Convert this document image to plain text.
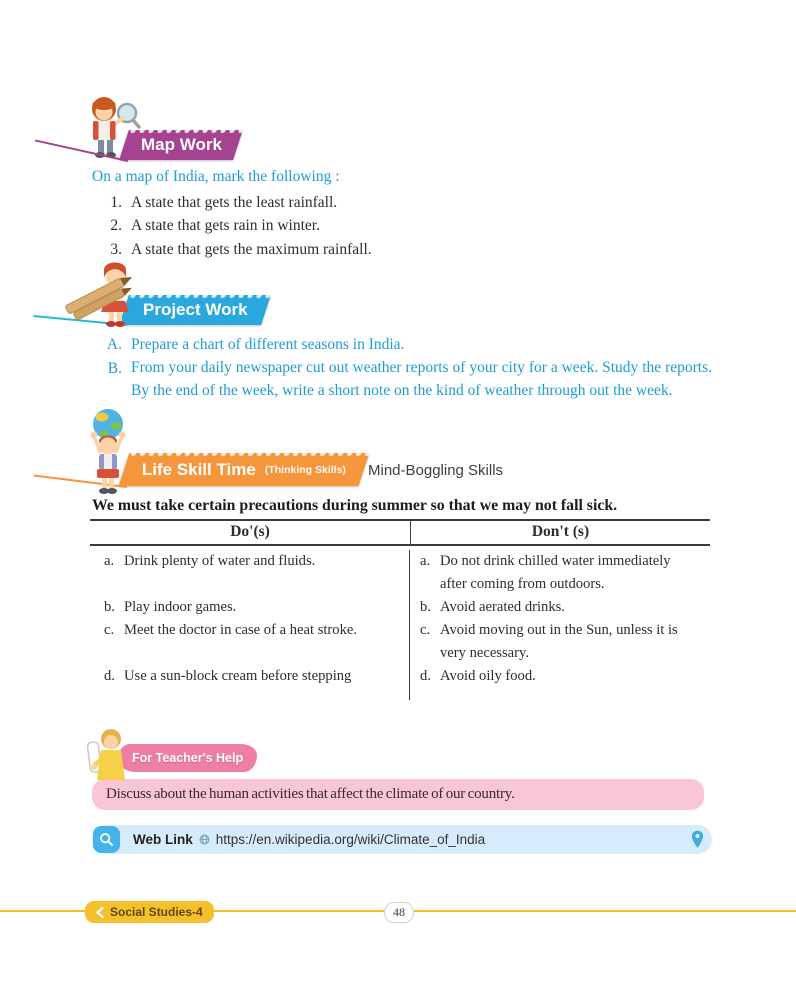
Map Work
On a map of India, mark the following :
1. A state that gets the least rainfall.
2. A state that gets rain in winter.
3. A state that gets the maximum rainfall.
Project Work
A. Prepare a chart of different seasons in India.
B. From your daily newspaper cut out weather reports of your city for a week. Study the reports. By the end of the week, write a short note on the kind of weather through out the week.
Life Skill Time (Thinking Skills) Mind-Boggling Skills
We must take certain precautions during summer so that we may not fall sick.
Do'(s)	Don't (s)
a. Drink plenty of water and fluids.	a. Do not drink chilled water immediately after coming from outdoors.
b. Play indoor games.	b. Avoid aerated drinks.
c. Meet the doctor in case of a heat stroke.	c. Avoid moving out in the Sun, unless it is very necessary.
d. Use a sun-block cream before stepping	d. Avoid oily food.
For Teacher's Help
Discuss about the human activities that affect the climate of our country.
Web Link https://en.wikipedia.org/wiki/Climate_of_India
Social Studies-4	48
